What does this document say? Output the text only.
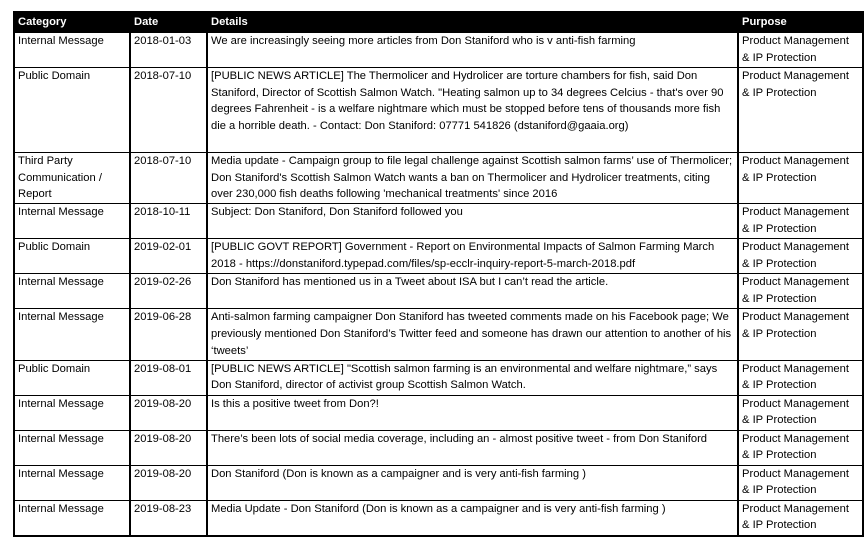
Category	Date	Details	Purpose
Internal Message	2018-01-03	We are increasingly seeing more articles from Don Staniford who is v anti-fish farming	Product Management & IP Protection
Public Domain	2018-07-10	[PUBLIC NEWS ARTICLE] The Thermolicer and Hydrolicer are torture chambers for fish, said Don Staniford, Director of Scottish Salmon Watch. "Heating salmon up to 34 degrees Celcius - that's over 90 degrees Fahrenheit - is a welfare nightmare which must be stopped before tens of thousands more fish die a horrible death. - Contact: Don Staniford: 07771 541826 (dstaniford@gaaia.org)	Product Management & IP Protection
Third Party Communication / Report	2018-07-10	Media update - Campaign group to file legal challenge against Scottish salmon farms’ use of Thermolicer; Don Staniford's Scottish Salmon Watch wants a ban on Thermolicer and Hydrolicer treatments, citing over 230,000 fish deaths following 'mechanical treatments' since 2016	Product Management & IP Protection
Internal Message	2018-10-11	Subject: Don Staniford, Don Staniford followed you	Product Management & IP Protection
Public Domain	2019-02-01	[PUBLIC GOVT REPORT] Government - Report on Environmental Impacts of Salmon Farming March 2018 - https://donstaniford.typepad.com/files/sp-ecclr-inquiry-report-5-march-2018.pdf	Product Management & IP Protection
Internal Message	2019-02-26	Don Staniford has mentioned us in a Tweet about ISA but I can’t read the article.	Product Management & IP Protection
Internal Message	2019-06-28	Anti-salmon farming campaigner Don Staniford has tweeted comments made on his Facebook page; We previously mentioned Don Staniford’s Twitter feed and someone has drawn our attention to another of his ‘tweets’	Product Management & IP Protection
Public Domain	2019-08-01	[PUBLIC NEWS ARTICLE] "Scottish salmon farming is an environmental and welfare nightmare,” says Don Staniford, director of activist group Scottish Salmon Watch.	Product Management & IP Protection
Internal Message	2019-08-20	Is this a positive tweet from Don?!	Product Management & IP Protection
Internal Message	2019-08-20	There’s been lots of social media coverage, including an - almost positive tweet - from Don Staniford	Product Management & IP Protection
Internal Message	2019-08-20	Don Staniford (Don is known as a campaigner and is very anti-fish farming )	Product Management & IP Protection
Internal Message	2019-08-23	Media Update - Don Staniford (Don is known as a campaigner and is very anti-fish farming )	Product Management & IP Protection
